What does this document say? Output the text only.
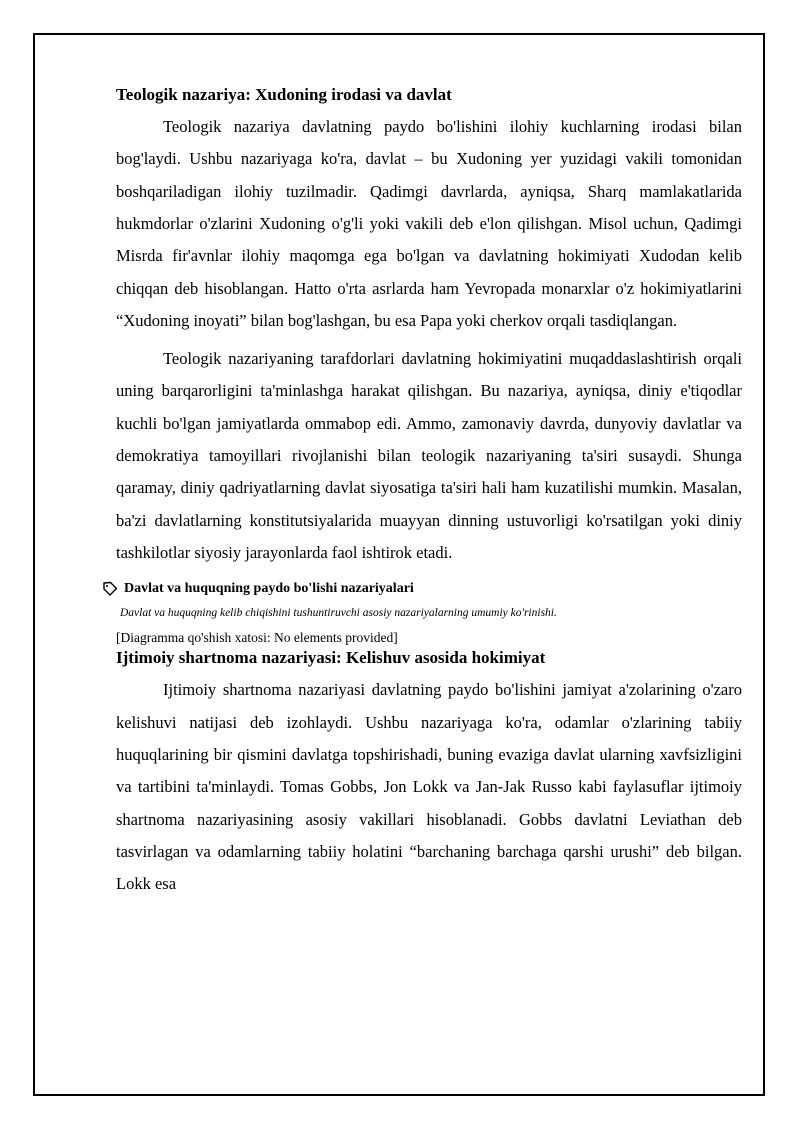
Teologik nazariya: Xudoning irodasi va davlat

Teologik nazariya davlatning paydo bo'lishini ilohiy kuchlarning irodasi bilan bog'laydi. Ushbu nazariyaga ko'ra, davlat – bu Xudoning yer yuzidagi vakili tomonidan boshqariladigan ilohiy tuzilmadir. Qadimgi davrlarda, ayniqsa, Sharq mamlakatlarida hukmdorlar o'zlarini Xudoning o'g'li yoki vakili deb e'lon qilishgan. Misol uchun, Qadimgi Misrda fir'avnlar ilohiy maqomga ega bo'lgan va davlatning hokimiyati Xudodan kelib chiqqan deb hisoblangan. Hatto o'rta asrlarda ham Yevropada monarxlar o'z hokimiyatlarini “Xudoning inoyati” bilan bog'lashgan, bu esa Papa yoki cherkov orqali tasdiqlangan.

Teologik nazariyaning tarafdorlari davlatning hokimiyatini muqaddaslashtirish orqali uning barqarorligini ta'minlashga harakat qilishgan. Bu nazariya, ayniqsa, diniy e'tiqodlar kuchli bo'lgan jamiyatlarda ommabop edi. Ammo, zamonaviy davrda, dunyoviy davlatlar va demokratiya tamoyillari rivojlanishi bilan teologik nazariyaning ta'siri susaydi. Shunga qaramay, diniy qadriyatlarning davlat siyosatiga ta'siri hali ham kuzatilishi mumkin. Masalan, ba'zi davlatlarning konstitutsiyalarida muayyan dinning ustuvorligi ko'rsatilgan yoki diniy tashkilotlar siyosiy jarayonlarda faol ishtirok etadi.

Davlat va huquqning paydo bo'lishi nazariyalari
Davlat va huquqning kelib chiqishini tushuntiruvchi asosiy nazariyalarning umumiy ko'rinishi.
[Diagramma qo'shish xatosi: No elements provided]
Ijtimoiy shartnoma nazariyasi: Kelishuv asosida hokimiyat

Ijtimoiy shartnoma nazariyasi davlatning paydo bo'lishini jamiyat a'zolarining o'zaro kelishuvi natijasi deb izohlaydi. Ushbu nazariyaga ko'ra, odamlar o'zlarining tabiiy huquqlarining bir qismini davlatga topshirishadi, buning evaziga davlat ularning xavfsizligini va tartibini ta'minlaydi. Tomas Gobbs, Jon Lokk va Jan-Jak Russo kabi faylasuflar ijtimoiy shartnoma nazariyasining asosiy vakillari hisoblanadi. Gobbs davlatni Leviathan deb tasvirlagan va odamlarning tabiiy holatini “barchaning barchaga qarshi urushi” deb bilgan. Lokk esa
